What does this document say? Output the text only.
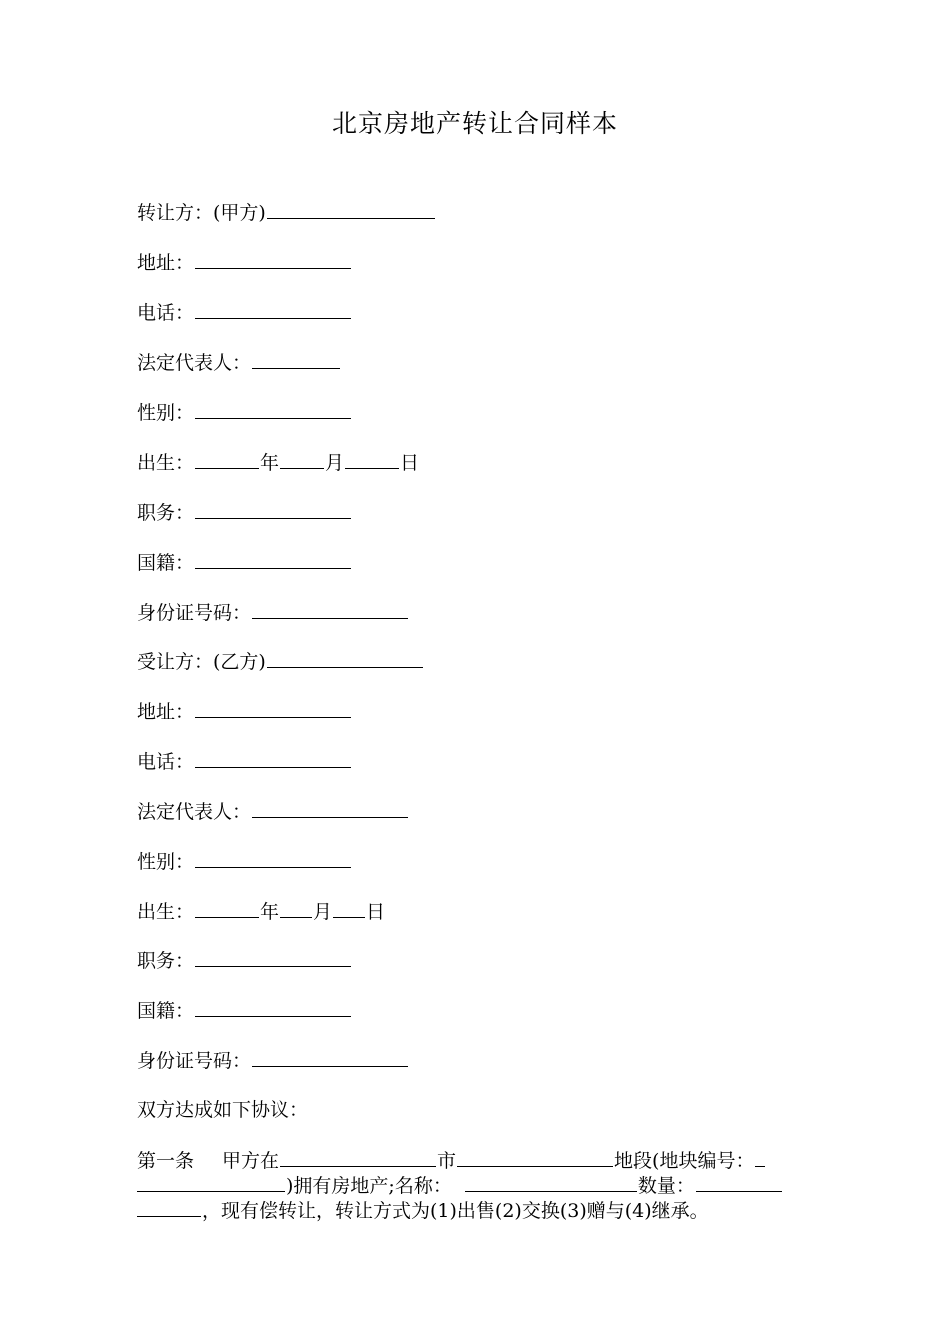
北京房地产转让合同样本
转让方：(甲方)
地址：
电话：
法定代表人：
性别：
出生：	年 月	日
职务：
国籍：
身份证号码：
受让方：(乙方)
地址：
电话：
法定代表人：
性别：
出生：	年 月 日
职务：
国籍：
身份证号码：
双方达成如下协议：
第一条 甲方在	市	地段(地块编号：
)拥有房地产;名称：	数量：
，现有偿转让，转让方式为(1)出售(2)交换(3)赠与(4)继承。
